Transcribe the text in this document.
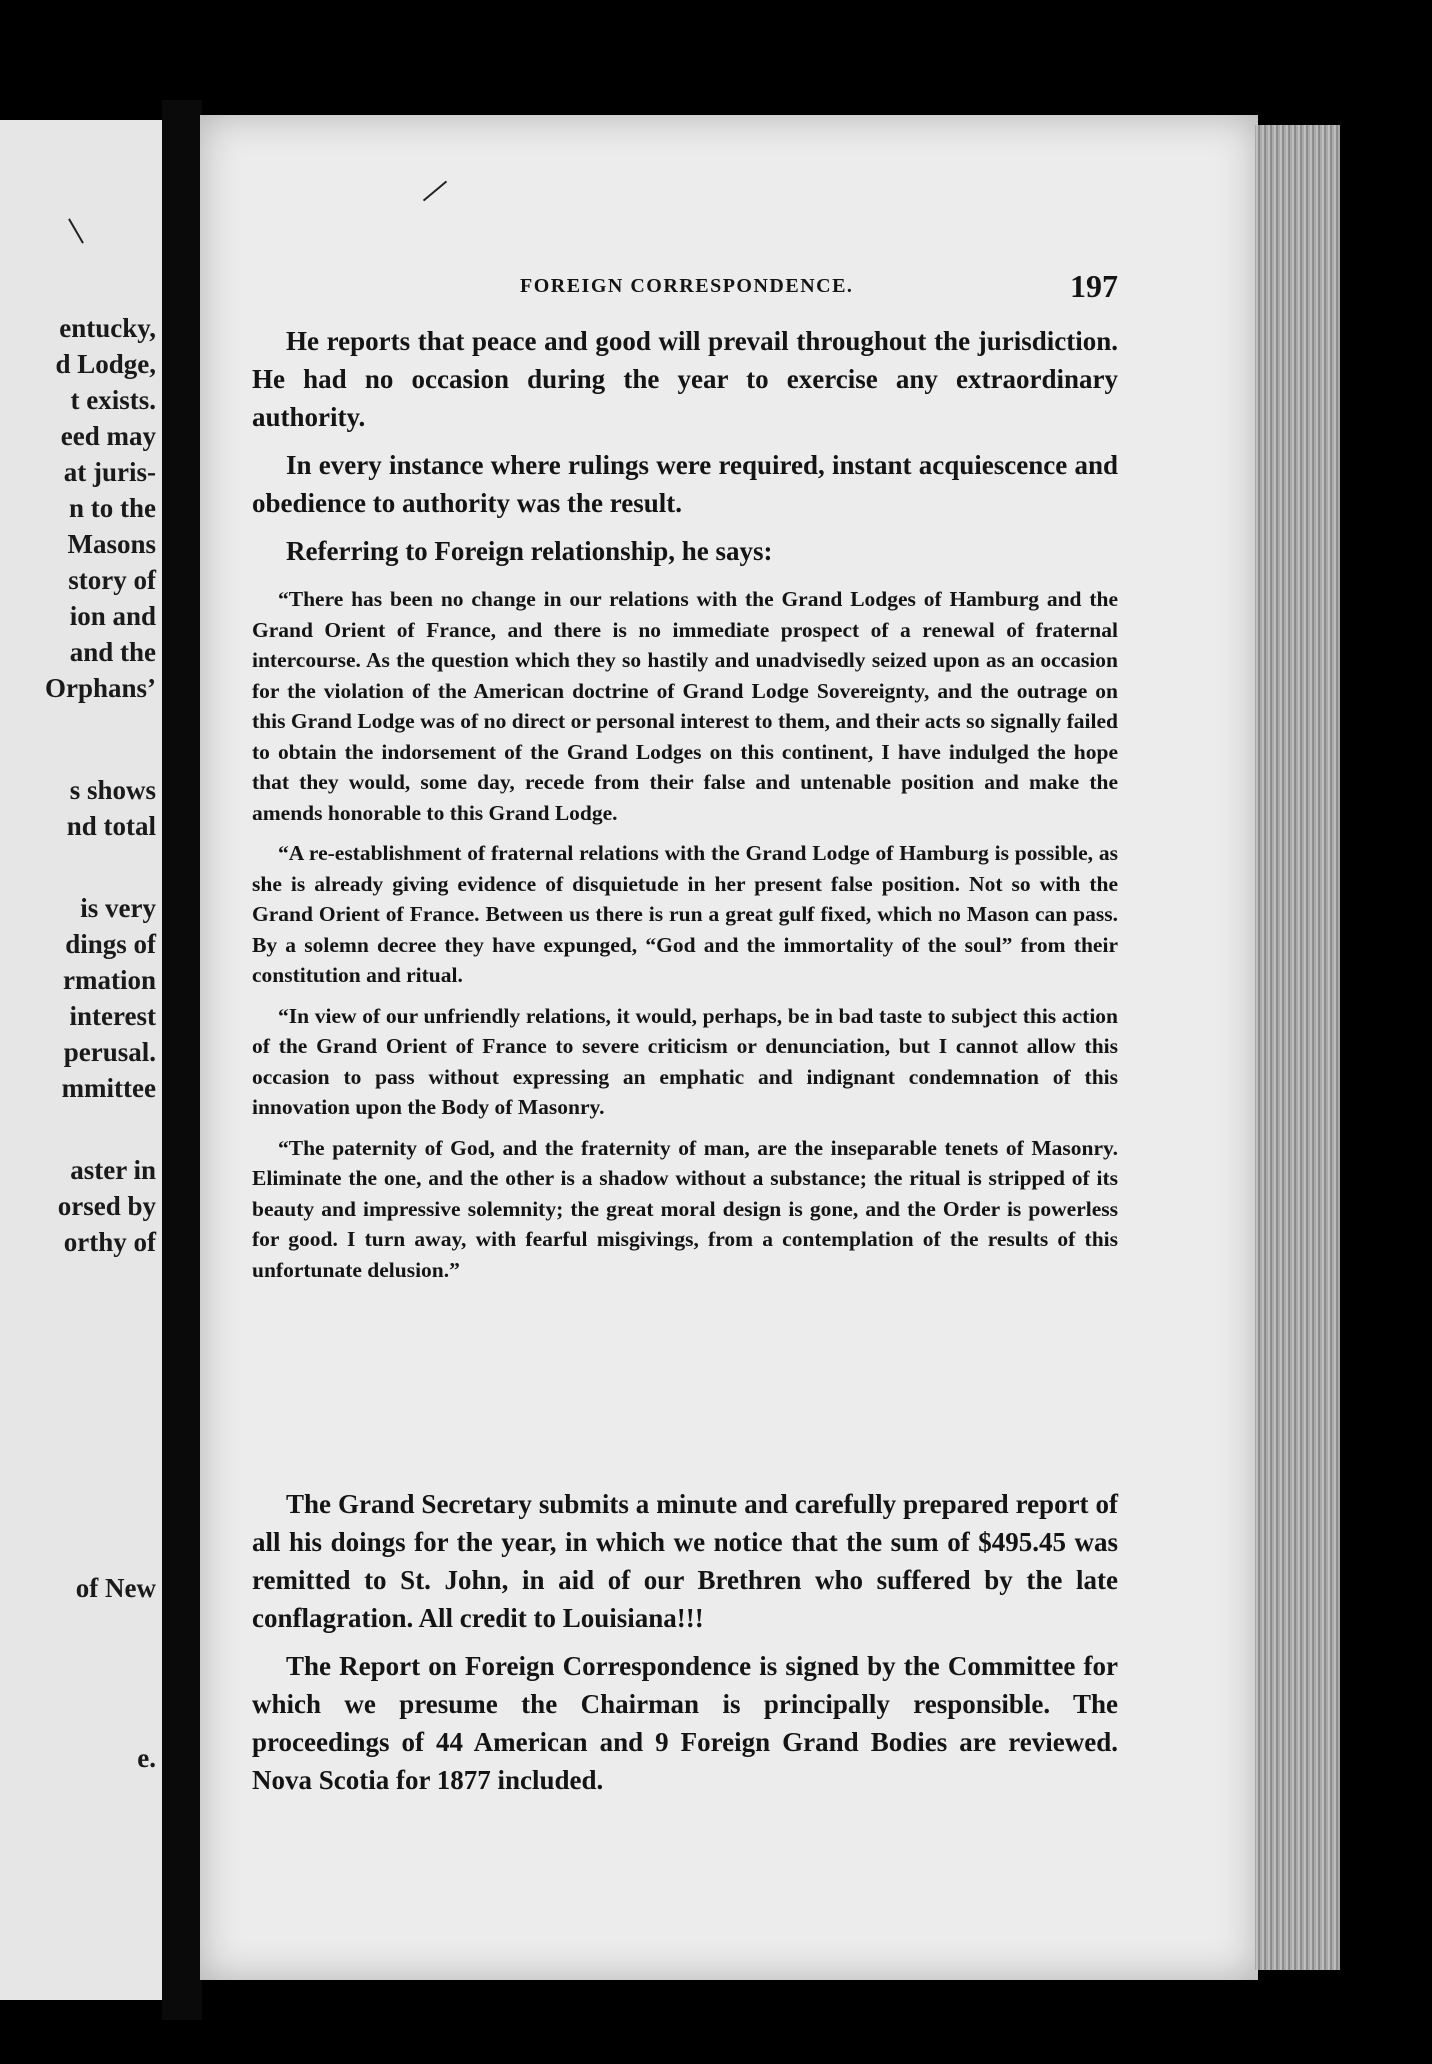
entucky,
d Lodge,
t exists.
eed may
at juris-
n to the
Masons
story of
ion and
and the
Orphans’
s shows
nd total
is very
dings of
rmation
interest
perusal.
mmittee
aster in
orsed by
orthy of
of New
e.
FOREIGN CORRESPONDENCE.	197

He reports that peace and good will prevail throughout the jurisdiction. He had no occasion during the year to exercise any extraordinary authority.

In every instance where rulings were required, instant acquiescence and obedience to authority was the result.

Referring to Foreign relationship, he says:

“There has been no change in our relations with the Grand Lodges of Hamburg and the Grand Orient of France, and there is no immediate prospect of a renewal of fraternal intercourse. As the question which they so hastily and unadvisedly seized upon as an occasion for the violation of the American doctrine of Grand Lodge Sovereignty, and the outrage on this Grand Lodge was of no direct or personal interest to them, and their acts so signally failed to obtain the indorsement of the Grand Lodges on this continent, I have indulged the hope that they would, some day, recede from their false and untenable position and make the amends honorable to this Grand Lodge.

“A re-establishment of fraternal relations with the Grand Lodge of Hamburg is possible, as she is already giving evidence of disquietude in her present false position. Not so with the Grand Orient of France. Between us there is run a great gulf fixed, which no Mason can pass. By a solemn decree they have expunged, “God and the immortality of the soul” from their constitution and ritual.

“In view of our unfriendly relations, it would, perhaps, be in bad taste to subject this action of the Grand Orient of France to severe criticism or denunciation, but I cannot allow this occasion to pass without expressing an emphatic and indignant condemnation of this innovation upon the Body of Masonry.

“The paternity of God, and the fraternity of man, are the inseparable tenets of Masonry. Eliminate the one, and the other is a shadow without a substance; the ritual is stripped of its beauty and impressive solemnity; the great moral design is gone, and the Order is powerless for good. I turn away, with fearful misgivings, from a contemplation of the results of this unfortunate delusion.”

The Grand Secretary submits a minute and carefully prepared report of all his doings for the year, in which we notice that the sum of $495.45 was remitted to St. John, in aid of our Brethren who suffered by the late conflagration. All credit to Louisiana!!!

The Report on Foreign Correspondence is signed by the Committee for which we presume the Chairman is principally responsible. The proceedings of 44 American and 9 Foreign Grand Bodies are reviewed. Nova Scotia for 1877 included.
